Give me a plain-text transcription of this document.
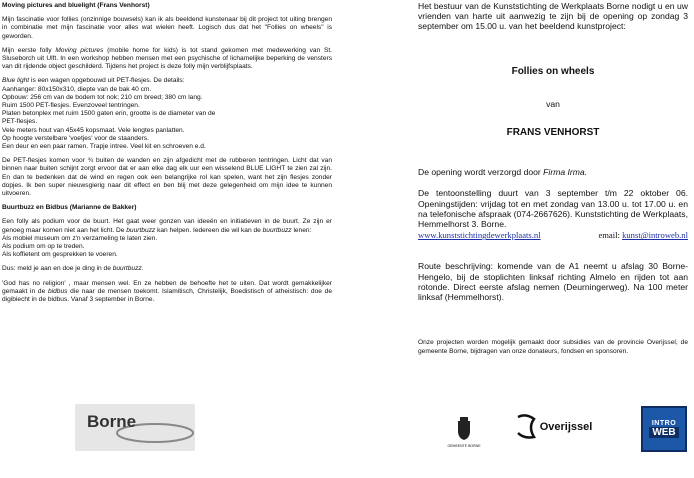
Moving pictures and bluelight (Frans Venhorst)

Mijn fascinatie voor follies (onzinnige bouwsels) kan ik als beeldend kunstenaar bij dit project tot uiting brengen in combinatie met mijn fascinatie voor alles wat wielen heeft. Logisch dus dat het "Follies on wheels" is geworden.

Mijn eerste folly Moving pictures (mobile home for kids) is tot stand gekomen met medewerking van St. Sluseborch uit Ulft. In een workshop hebben mensen met een psychische of lichamelijke beperking de vensters van dit rijdende object geschilderd. Tijdens het project is deze folly mijn verblijfsplaats.

Blue light is een wagen opgebouwd uit PET-flesjes. De details:
Aanhanger: 80x150x310, diepte van de bak 40 cm.
Opbouw: 256 cm van de bodem tot nok; 210 cm breed; 380 cm lang.
Ruim 1500 PET-flesjes. Evenzoveel tentringen.
Platen betonplex met ruim 1500 gaten erin, grootte is de diameter van de
PET-flesjes.
Vele meters hout van 45x45 kopsmaat. Vele lengtes panlatten.
Op hoogte verstelbare 'voetjes' voor de staanders.
Een deur en een paar ramen. Trapje intree. Veel kit en schroeven e.d.

De PET-flesjes komen voor ¾ buiten de wanden en zijn afgedicht met de rubberen tentringen. Licht dat van binnen naar buiten schijnt zorgt ervoor dat er aan elke dag elk uur een wisselend BLUE LIGHT te zien zal zijn. En dan te bedenken dat de wind en regen ook een belangrijke rol kan spelen, want het zijn flesjes zonder dopjes. Ik ben super nieuwsgierig naar dit effect en ben blij met deze gelegenheid om mijn idee te kunnen uitvoeren.

Buurtbuzz en Bidbus (Marianne de Bakker)

Een folly als podium voor de buurt. Het gaat weer gonzen van ideeën en initiatieven in de buurt. Ze zijn er genoeg maar komen niet aan het licht. De buurtbuzz kan helpen. Iedereen die wil kan de buurtbuzz lenen:
Als mobiel museum om z'n verzameling te laten zien.
Als podium om op te treden.
Als koffietent om gesprekken te voeren.

Dus: meld je aan en doe je ding in de buurtbuzz.

'God has no religion' , maar mensen wel. En ze hebben de behoefte het te uiten. Dat wordt gemakkelijker gemaakt in de bidbus die naar de mensen toekomt. Islamitisch, Christelijk, Boedistisch of atheistisch: doe de digibiecht in de bidbus. Vanaf 3 september in Borne.

Het bestuur van de Kunststichting de Werkplaats Borne nodigt u en uw vrienden van harte uit aanwezig te zijn bij de opening op zondag 3 september om 15.00 u. van het beeldend kunstproject:

Follies on wheels
van
FRANS VENHORST

De opening wordt verzorgd door Firma Irma.

De tentoonstelling duurt van 3 september t/m 22 oktober 06. Openingstijden: vrijdag tot en met zondag van 13.00 u. tot 17.00 u. en na telefonische afspraak (074-2667626). Kunststichting de Werkplaats, Hemmelhorst 3. Borne.

www.kunststichtingdewerkplaats.nl	email: kunst@introweb.nl

Route beschrijving: komende van de A1 neemt u afslag 30 Borne-Hengelo, bij de stoplichten linksaf richting Almelo en rijden tot aan rotonde. Direct eerste afslag nemen (Deurningerweg). Na 100 meter linksaf (Hemmelhorst).

Onze projecten worden mogelijk gemaakt door subsidies van de provincie Overijssel, de gemeente Borne, bijdragen van onze donateurs, fondsen en sponsoren.

Borne
GEMEENTE BORNE
Overijssel	INTRO
WEB
